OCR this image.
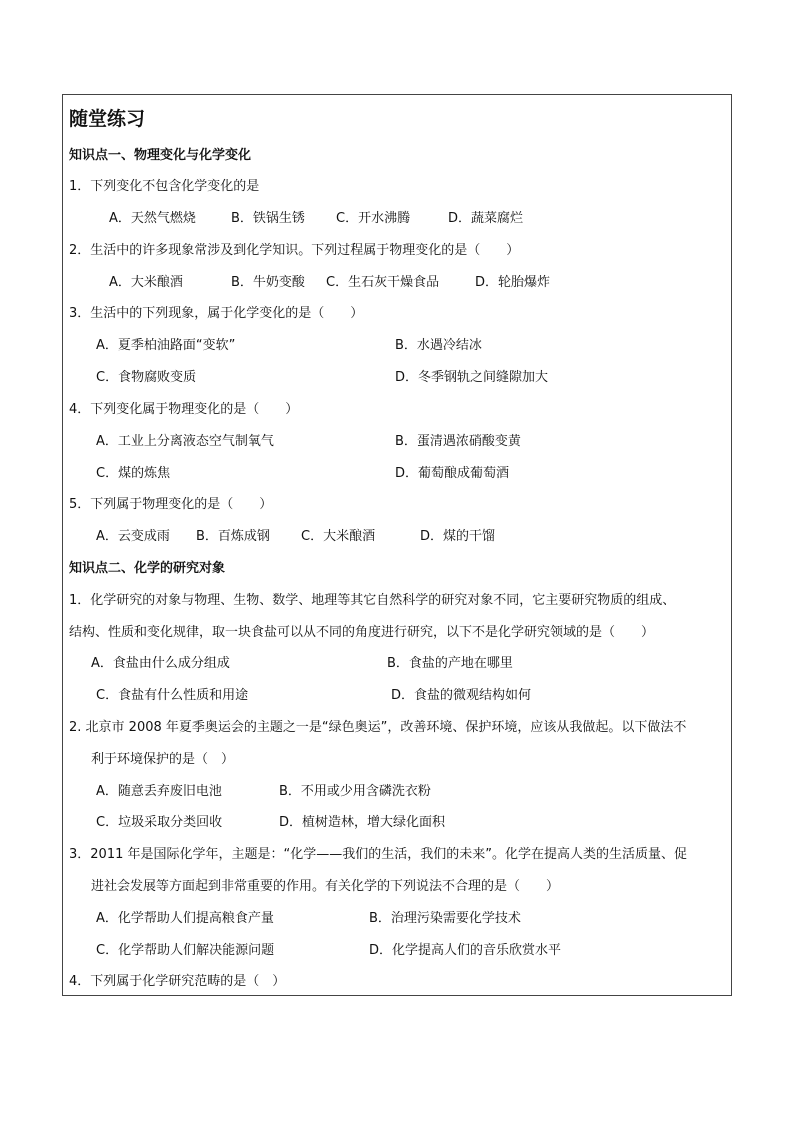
随堂练习
知识点一、物理变化与化学变化
1．下列变化不包含化学变化的是
A．天然气燃烧	B．铁锅生锈 C．开水沸腾	D．蔬菜腐烂
2．生活中的许多现象常涉及到化学知识。下列过程属于物理变化的是（　　）
A．大米酿酒	B．牛奶变酸 C．生石灰干燥食品	D．轮胎爆炸
3．生活中的下列现象，属于化学变化的是（　　）
A．夏季柏油路面“变软”	B．水遇冷结冰
C．食物腐败变质	D．冬季钢轨之间缝隙加大
4．下列变化属于物理变化的是（　　）
A．工业上分离液态空气制氧气	B．蛋清遇浓硝酸变黄
C．煤的炼焦	D．葡萄酿成葡萄酒
5．下列属于物理变化的是（　　）
A．云变成雨 B．百炼成钢 C．大米酿酒	D．煤的干馏
知识点二、化学的研究对象
1．化学研究的对象与物理、生物、数学、地理等其它自然科学的研究对象不同，它主要研究物质的组成、
结构、性质和变化规律，取一块食盐可以从不同的角度进行研究，以下不是化学研究领域的是（　　）
A．食盐由什么成分组成	B．食盐的产地在哪里
C．食盐有什么性质和用途	D．食盐的微观结构如何
2. 北京市 2008 年夏季奥运会的主题之一是“绿色奥运”，改善环境、保护环境，应该从我做起。以下做法不
利于环境保护的是（　）
A．随意丢弃废旧电池	B．不用或少用含磷洗衣粉
C．垃圾采取分类回收	D．植树造林，增大绿化面积
3．2011 年是国际化学年，主题是：“化学——我们的生活，我们的未来”。化学在提高人类的生活质量、促
进社会发展等方面起到非常重要的作用。有关化学的下列说法不合理的是（　　）
A．化学帮助人们提高粮食产量	B．治理污染需要化学技术
C．化学帮助人们解决能源问题	D．化学提高人们的音乐欣赏水平
4．下列属于化学研究范畴的是（　）
